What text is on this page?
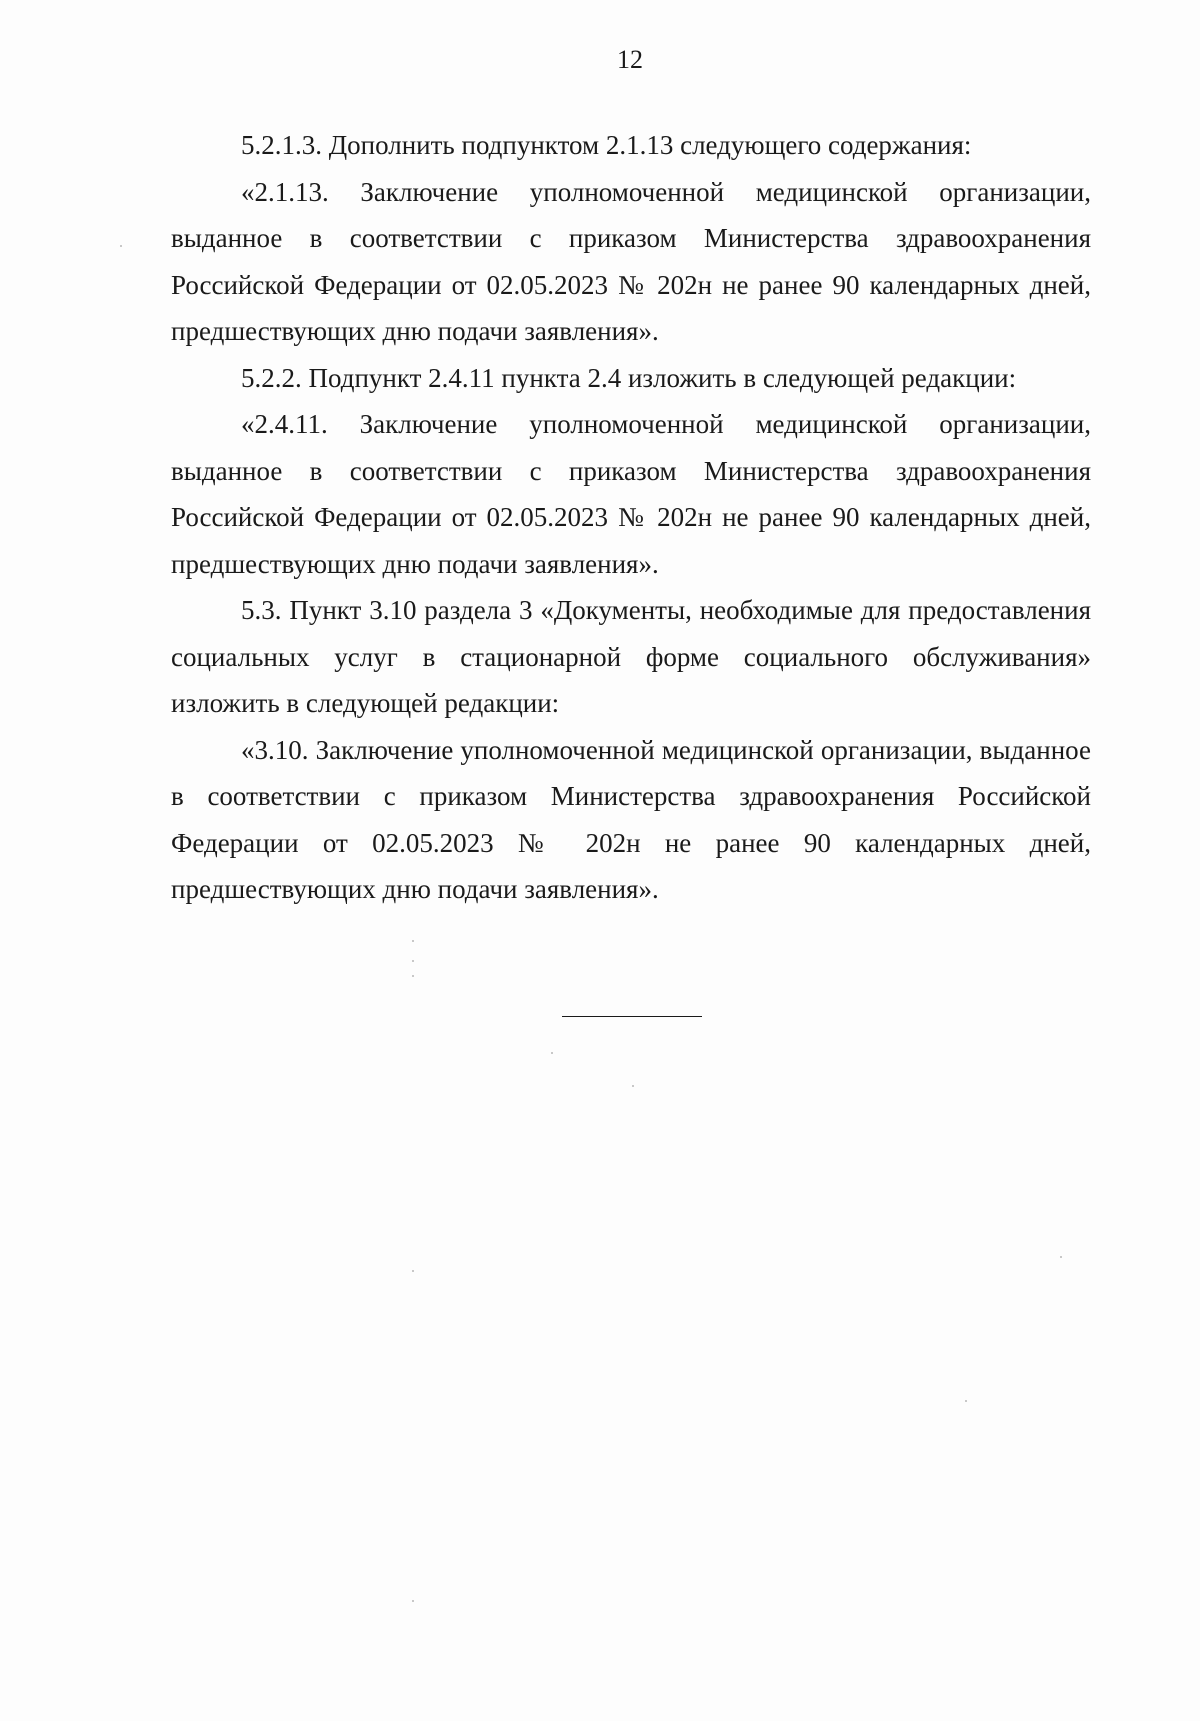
12

5.2.1.3. Дополнить подпунктом 2.1.13 следующего содержания:

«2.1.13. Заключение уполномоченной медицинской организации, выданное в соответствии с приказом Министерства здравоохранения Российской Федерации от 02.05.2023 № 202н не ранее 90 календарных дней, предшествующих дню подачи заявления».

5.2.2. Подпункт 2.4.11 пункта 2.4 изложить в следующей редакции:

«2.4.11. Заключение уполномоченной медицинской организации, выданное в соответствии с приказом Министерства здравоохранения Российской Федерации от 02.05.2023 № 202н не ранее 90 календарных дней, предшествующих дню подачи заявления».

5.3. Пункт 3.10 раздела 3 «Документы, необходимые для предоставления социальных услуг в стационарной форме социального обслуживания» изложить в следующей редакции:

«3.10. Заключение уполномоченной медицинской организации, выданное в соответствии с приказом Министерства здравоохранения Российской Федерации от 02.05.2023 № 202н не ранее 90 календарных дней, предшествующих дню подачи заявления».
